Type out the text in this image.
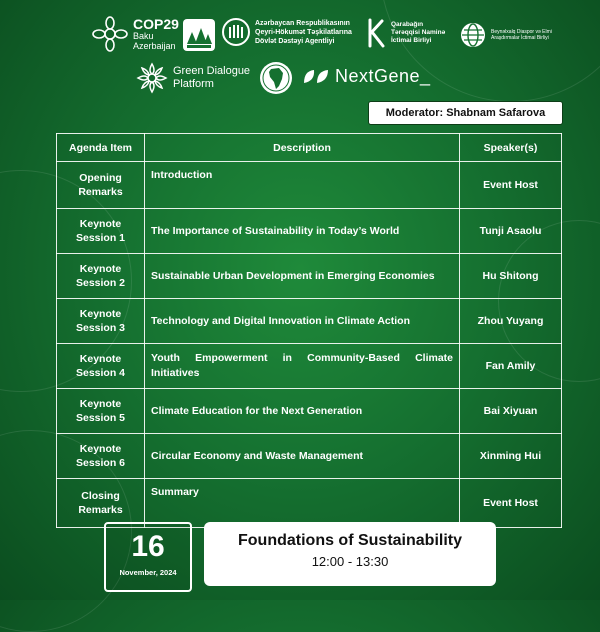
COP29
Baku
Azerbaijan
Azərbaycan Respublikasının
Qeyri-Hökumət Təşkilatlarına
Dövlət Dəstəyi Agentliyi
Qarabağın
Tərəqqisi Naminə
İctimai Birliyi
Beynəlxalq Diaspor və Elmi
Araşdırmalar İctimai Birliyi
Green Dialogue
Platform	NextGene_
Moderator: Shabnam Safarova
Agenda Item	Description	Speaker(s)

Opening
Remarks	Introduction	Event Host

Keynote
Session 1	The Importance of Sustainability in Today’s World	Tunji Asaolu

Keynote
Session 2	Sustainable Urban Development in Emerging Economies	Hu Shitong

Keynote
Session 3	Technology and Digital Innovation in Climate Action	Zhou Yuyang

Keynote
Session 4	Youth Empowerment in Community-Based Climate Initiatives	Fan Amily

Keynote
Session 5	Climate Education for the Next Generation	Bai Xiyuan

Keynote
Session 6	Circular Economy and Waste Management	Xinming Hui

Closing
Remarks	Summary	Event Host
16
November, 2024
Foundations of Sustainability
12:00 - 13:30
